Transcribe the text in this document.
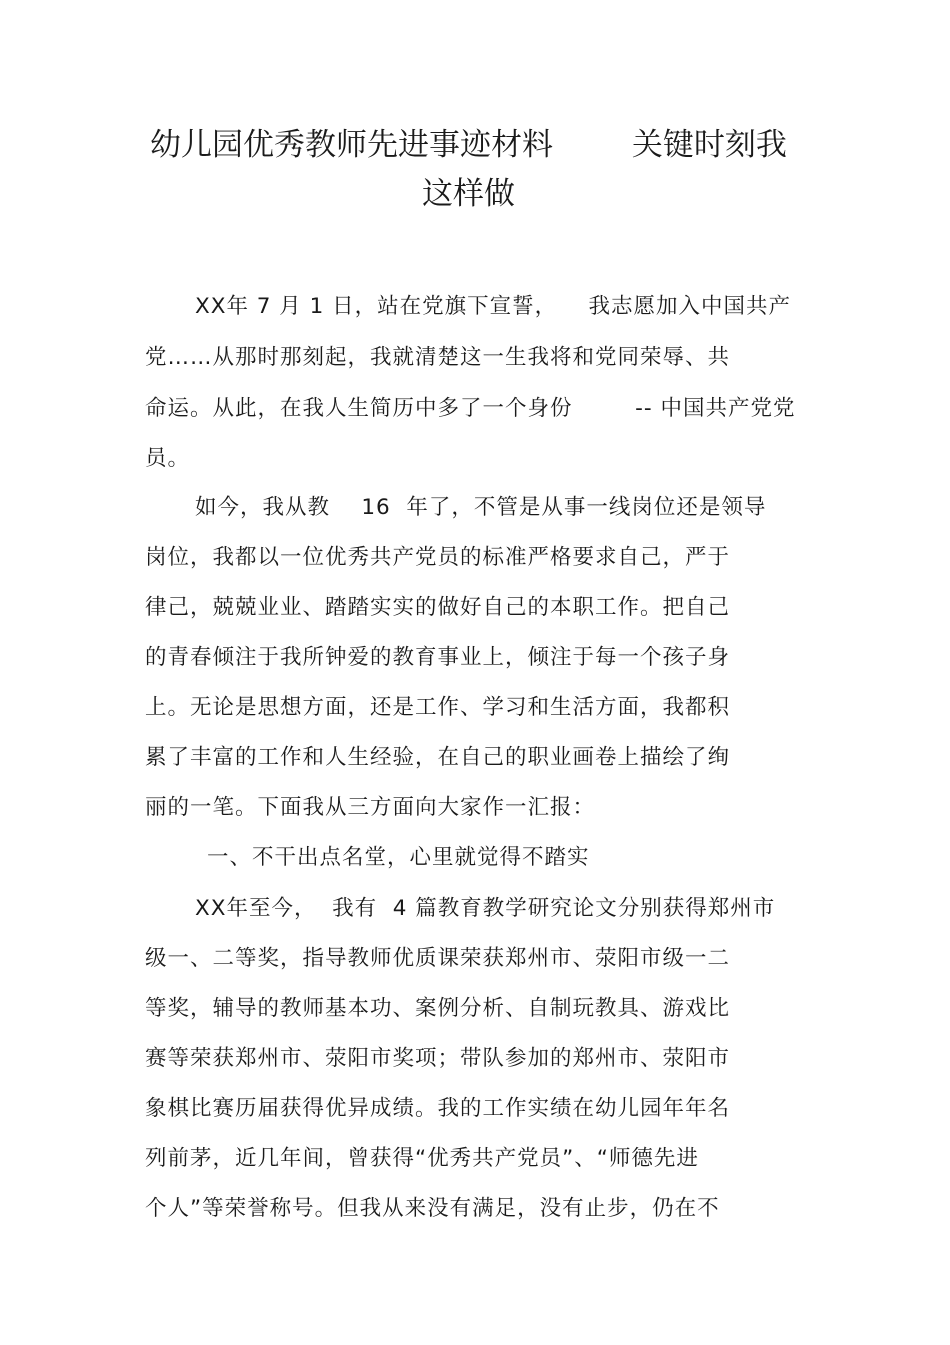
幼儿园优秀教师先进事迹材料        关键时刻我
这样做
XX年 7 月 1 日，站在党旗下宣誓，    我志愿加入中国共产
党……从那时那刻起，我就清楚这一生我将和党同荣辱、共
命运。从此，在我人生简历中多了一个身份        -- 中国共产党党
员。
如今，我从教    16  年了，不管是从事一线岗位还是领导
岗位，我都以一位优秀共产党员的标准严格要求自己，严于
律己，兢兢业业、踏踏实实的做好自己的本职工作。把自己
的青春倾注于我所钟爱的教育事业上，倾注于每一个孩子身
上。无论是思想方面，还是工作、学习和生活方面，我都积
累了丰富的工作和人生经验，在自己的职业画卷上描绘了绚
丽的一笔。下面我从三方面向大家作一汇报：
一、不干出点名堂，心里就觉得不踏实
XX年至今，  我有  4 篇教育教学研究论文分别获得郑州市
级一、二等奖，指导教师优质课荣获郑州市、荥阳市级一二
等奖，辅导的教师基本功、案例分析、自制玩教具、游戏比
赛等荣获郑州市、荥阳市奖项；带队参加的郑州市、荥阳市
象棋比赛历届获得优异成绩。我的工作实绩在幼儿园年年名
列前茅，近几年间，曾获得“优秀共产党员”、“师德先进
个人”等荣誉称号。但我从来没有满足，没有止步，仍在不
